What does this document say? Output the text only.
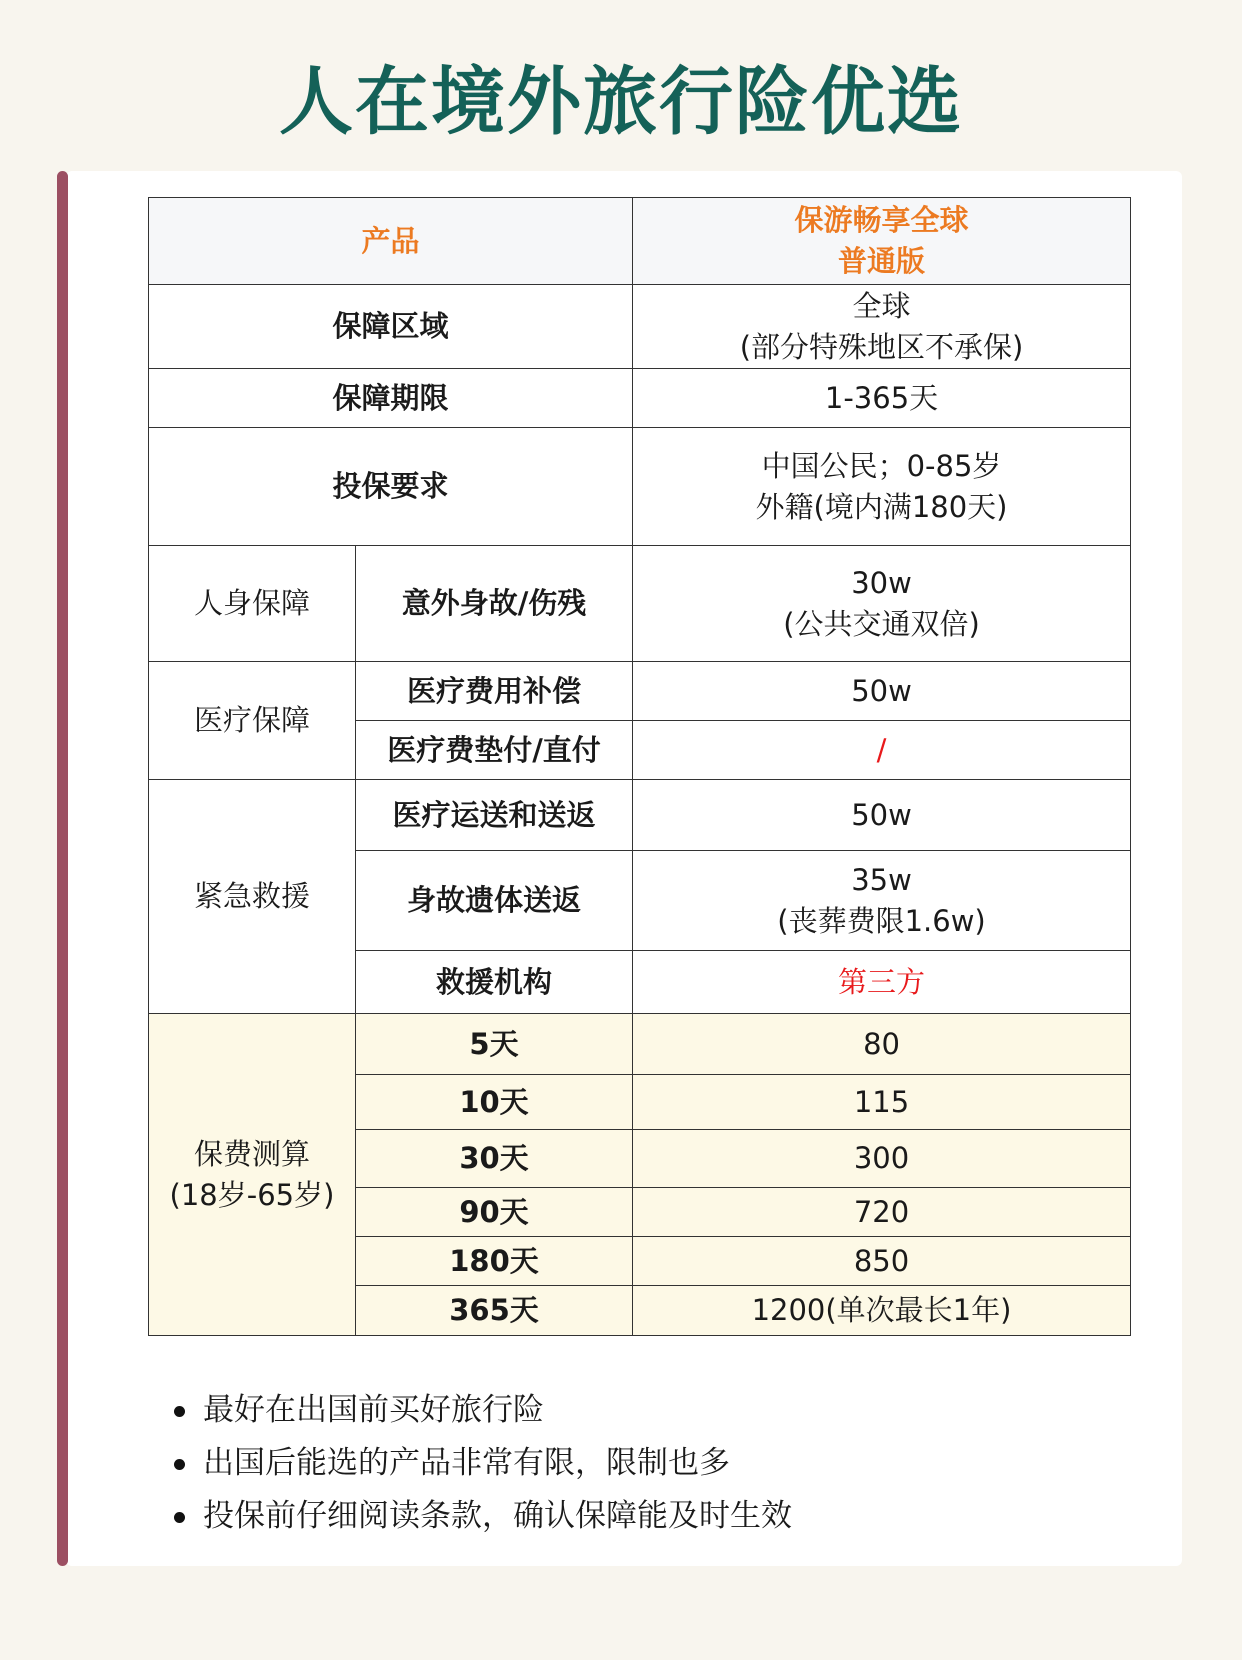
人在境外旅行险优选
产品		保游畅享全球
普通版

保障区域		全球
(部分特殊地区不承保)

保障期限		1-365天
投保要求		中国公民；0-85岁
外籍(境内满180天)

人身保障	意外身故/伤残	30w
(公共交通双倍)

医疗保障	医疗费用补偿	50w
	医疗费垫付/直付	/
紧急救援	医疗运送和送返	50w
	身故遗体送返	35w
(丧葬费限1.6w)

	救援机构	第三方

保费测算
(18岁-65岁)	5天	80
	10天	115
	30天	300
	90天	720
	180天	850
	365天	1200(单次最长1年)
最好在出国前买好旅行险
出国后能选的产品非常有限，限制也多
投保前仔细阅读条款，确认保障能及时生效
